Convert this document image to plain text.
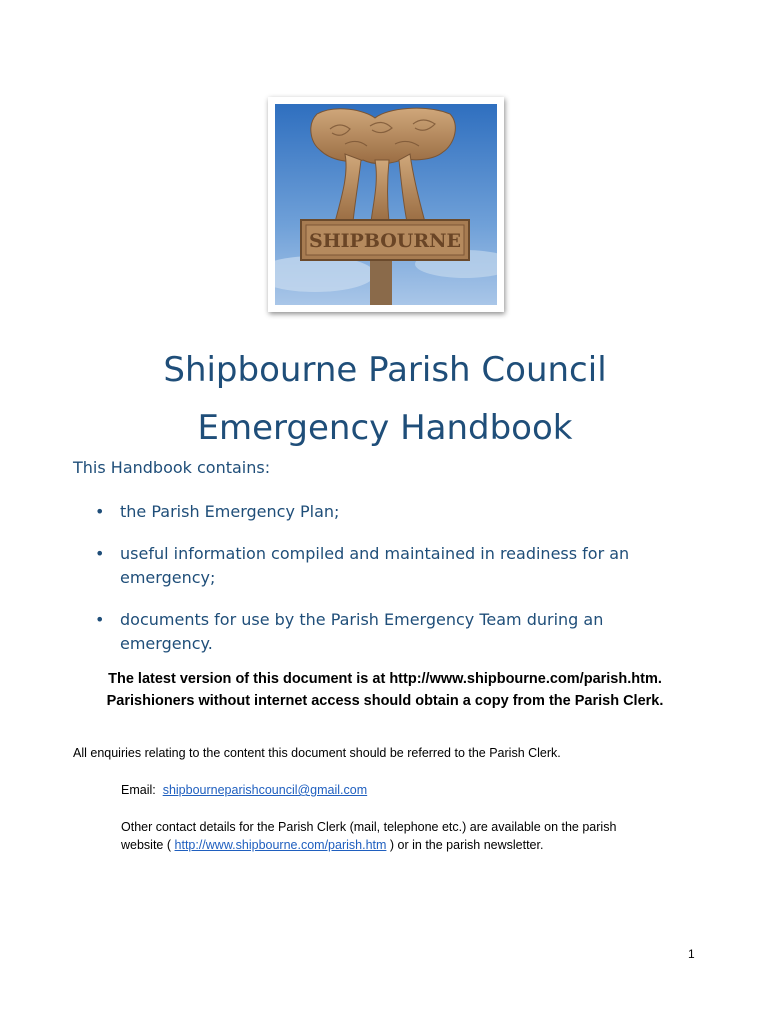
SHIPBOURNE
Shipbourne Parish Council
Emergency Handbook
This Handbook contains:
• the Parish Emergency Plan;
• useful information compiled and maintained in readiness for an emergency;
• documents for use by the Parish Emergency Team during an emergency.
The latest version of this document is at http://www.shipbourne.com/parish.htm.
Parishioners without internet access should obtain a copy from the Parish Clerk.
All enquiries relating to the content this document should be referred to the Parish Clerk.
Email: shipbourneparishcouncil@gmail.com
Other contact details for the Parish Clerk (mail, telephone etc.) are available on the parish
website ( http://www.shipbourne.com/parish.htm ) or in the parish newsletter.
1
